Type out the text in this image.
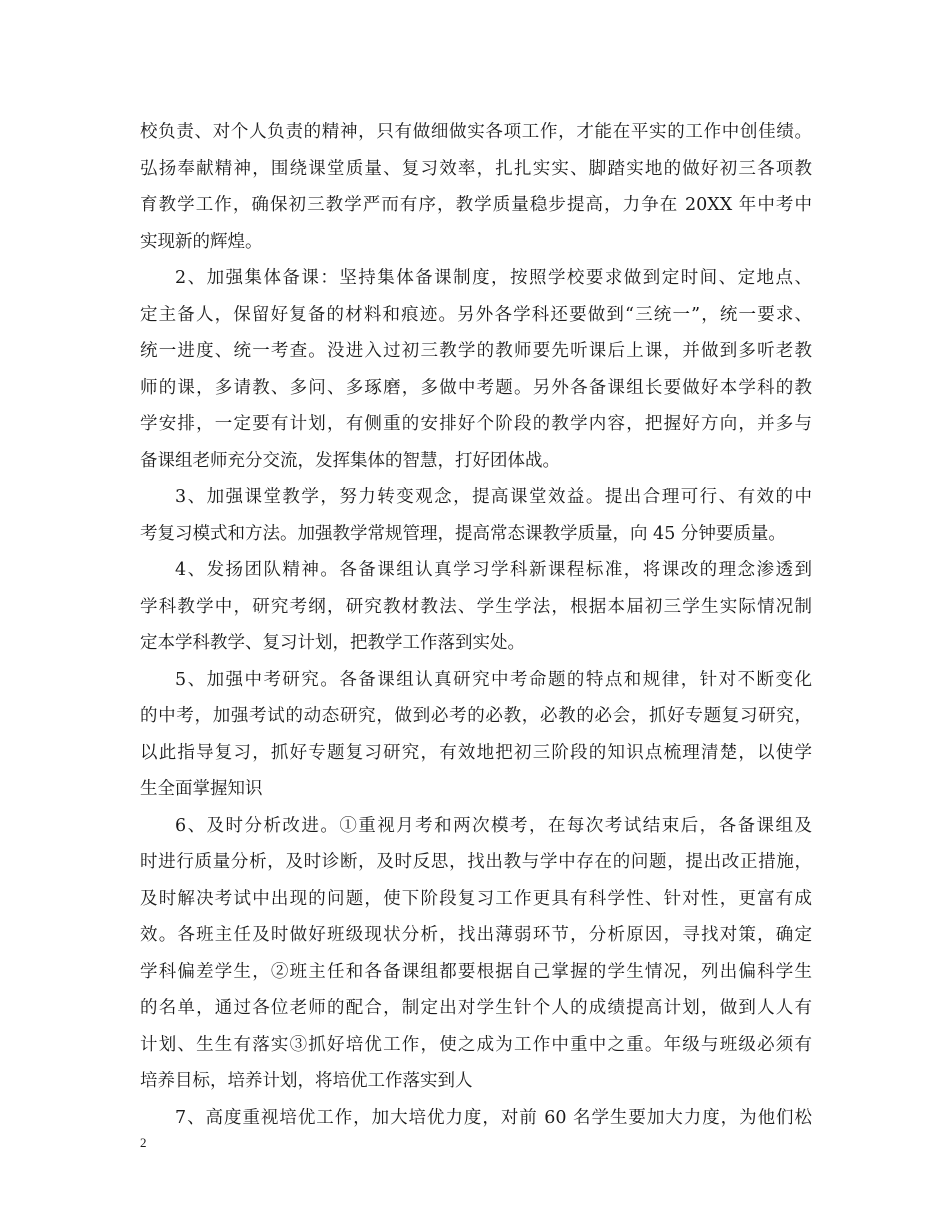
校负责、对个人负责的精神，只有做细做实各项工作，才能在平实的工作中创佳绩。
弘扬奉献精神，围绕课堂质量、复习效率，扎扎实实、脚踏实地的做好初三各项教
育教学工作，确保初三教学严而有序，教学质量稳步提高，力争在 20XX 年中考中
实现新的辉煌。
2、加强集体备课：坚持集体备课制度，按照学校要求做到定时间、定地点、
定主备人，保留好复备的材料和痕迹。另外各学科还要做到“三统一”，统一要求、
统一进度、统一考查。没进入过初三教学的教师要先听课后上课，并做到多听老教
师的课，多请教、多问、多琢磨，多做中考题。另外各备课组长要做好本学科的教
学安排，一定要有计划，有侧重的安排好个阶段的教学内容，把握好方向，并多与
备课组老师充分交流，发挥集体的智慧，打好团体战。
3、加强课堂教学，努力转变观念，提高课堂效益。提出合理可行、有效的中
考复习模式和方法。加强教学常规管理，提高常态课教学质量，向 45 分钟要质量。
4、发扬团队精神。各备课组认真学习学科新课程标准，将课改的理念渗透到
学科教学中，研究考纲，研究教材教法、学生学法，根据本届初三学生实际情况制
定本学科教学、复习计划，把教学工作落到实处。
5、加强中考研究。各备课组认真研究中考命题的特点和规律，针对不断变化
的中考，加强考试的动态研究，做到必考的必教，必教的必会，抓好专题复习研究，
以此指导复习，抓好专题复习研究，有效地把初三阶段的知识点梳理清楚，以使学
生全面掌握知识
6、及时分析改进。①重视月考和两次模考，在每次考试结束后，各备课组及
时进行质量分析，及时诊断，及时反思，找出教与学中存在的问题，提出改正措施，
及时解决考试中出现的问题，使下阶段复习工作更具有科学性、针对性，更富有成
效。各班主任及时做好班级现状分析，找出薄弱环节，分析原因，寻找对策，确定
学科偏差学生，②班主任和各备课组都要根据自己掌握的学生情况，列出偏科学生
的名单，通过各位老师的配合，制定出对学生针个人的成绩提高计划，做到人人有
计划、生生有落实③抓好培优工作，使之成为工作中重中之重。年级与班级必须有
培养目标，培养计划，将培优工作落实到人
7、高度重视培优工作，加大培优力度，对前 60 名学生要加大力度，为他们松
2
